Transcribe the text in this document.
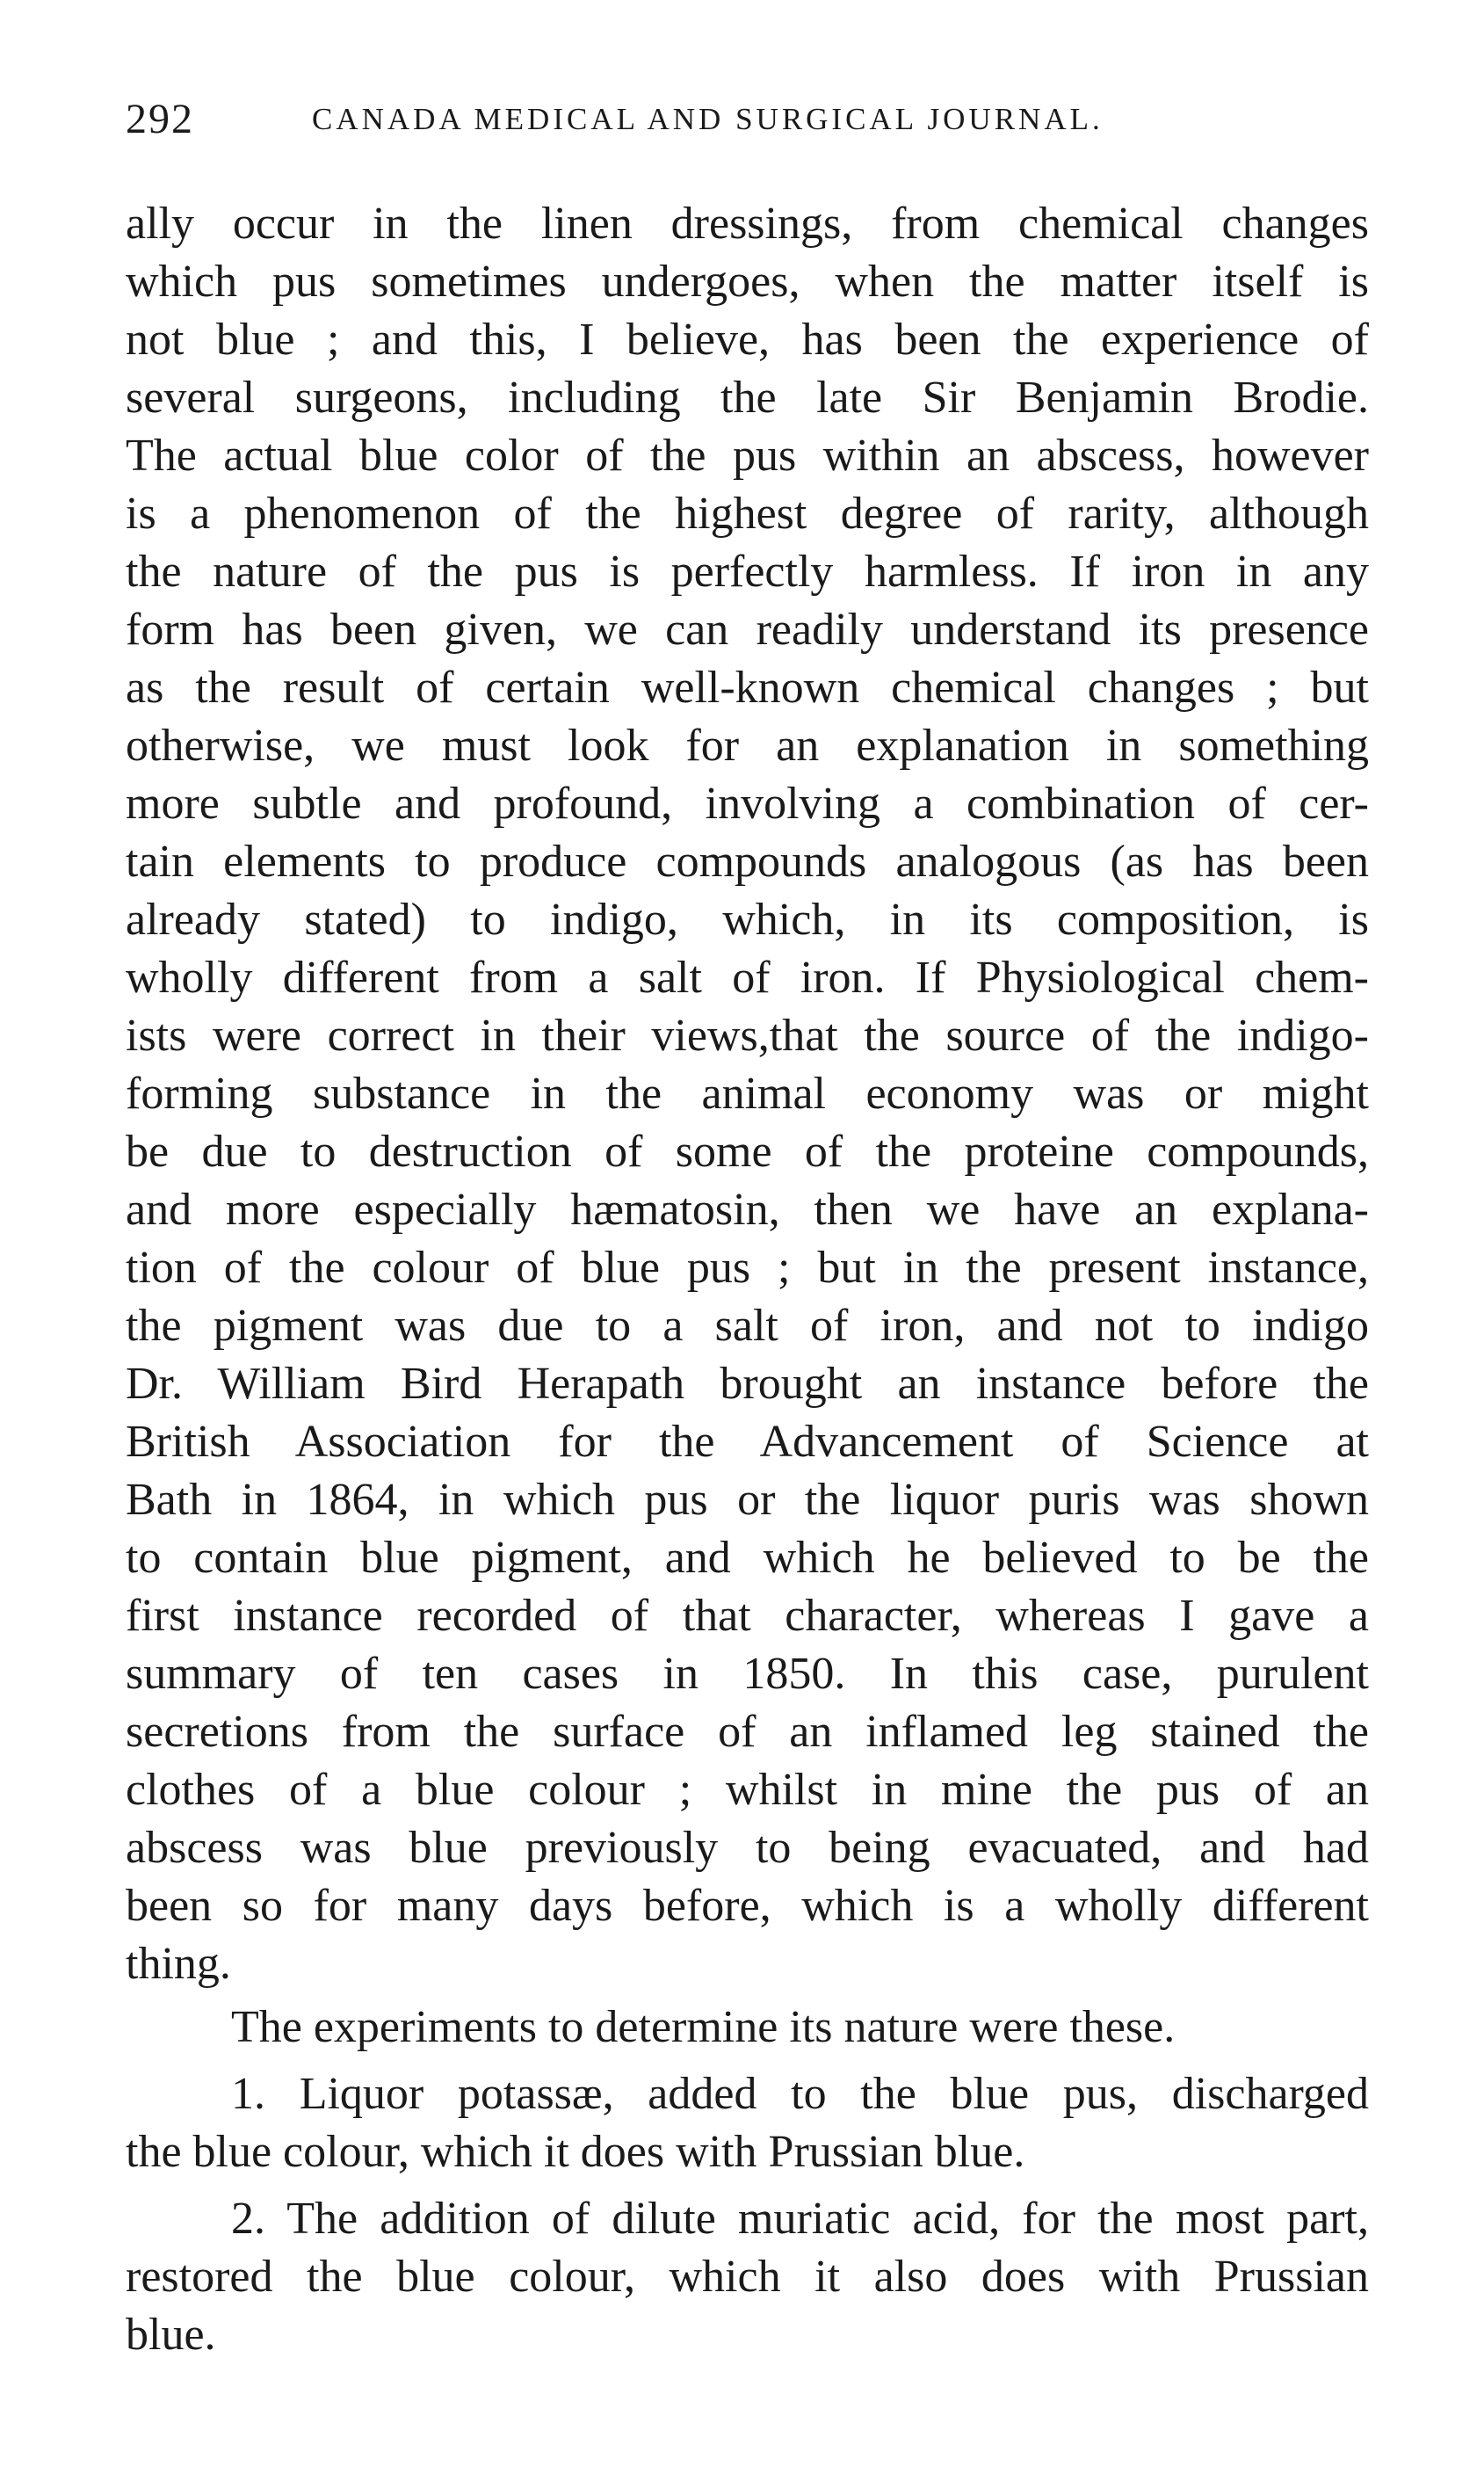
292	CANADA MEDICAL AND SURGICAL JOURNAL.
ally occur in the linen dressings, from chemical changes
which pus sometimes undergoes, when the matter itself is
not blue ; and this, I believe, has been the experience of
several surgeons, including the late Sir Benjamin Brodie.
The actual blue color of the pus within an abscess, however
is a phenomenon of the highest degree of rarity, although
the nature of the pus is perfectly harmless. If iron in any
form has been given, we can readily understand its presence
as the result of certain well-known chemical changes ; but
otherwise, we must look for an explanation in something
more subtle and profound, involving a combination of cer-
tain elements to produce compounds analogous (as has been
already stated) to indigo, which, in its composition, is
wholly different from a salt of iron. If Physiological chem-
ists were correct in their views,that the source of the indigo-
forming substance in the animal economy was or might
be due to destruction of some of the proteine compounds,
and more especially hæmatosin, then we have an explana-
tion of the colour of blue pus ; but in the present instance,
the pigment was due to a salt of iron, and not to indigo
Dr. William Bird Herapath brought an instance before the
British Association for the Advancement of Science at
Bath in 1864, in which pus or the liquor puris was shown
to contain blue pigment, and which he believed to be the
first instance recorded of that character, whereas I gave a
summary of ten cases in 1850. In this case, purulent
secretions from the surface of an inflamed leg stained the
clothes of a blue colour ; whilst in mine the pus of an
abscess was blue previously to being evacuated, and had
been so for many days before, which is a wholly different
thing.
The experiments to determine its nature were these.
1. Liquor potassæ, added to the blue pus, discharged
the blue colour, which it does with Prussian blue.
2. The addition of dilute muriatic acid, for the most part,
restored the blue colour, which it also does with Prussian
blue.
